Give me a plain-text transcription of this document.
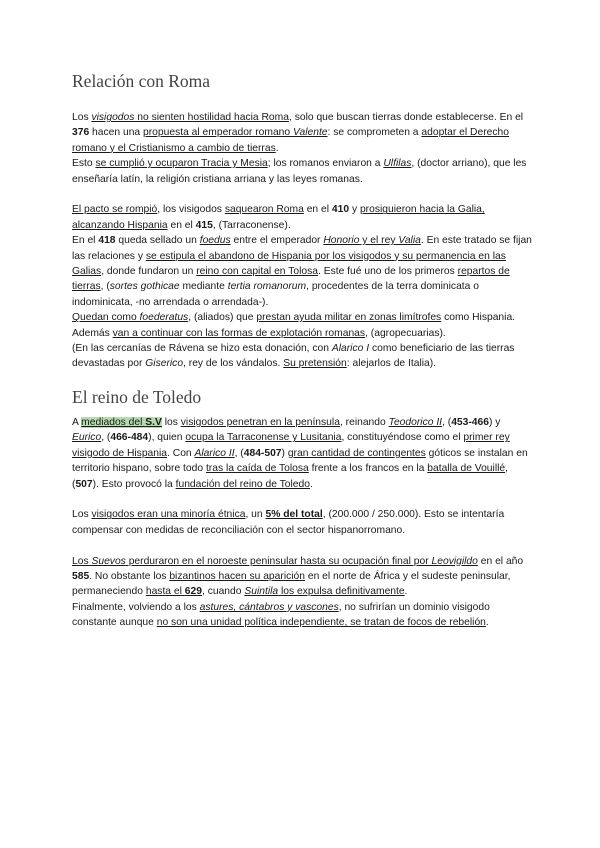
Relación con Roma

Los visigodos no sienten hostilidad hacia Roma, solo que buscan tierras donde establecerse. En el 376 hacen una propuesta al emperador romano Valente: se comprometen a adoptar el Derecho romano y el Cristianismo a cambio de tierras.
Esto se cumplió y ocuparon Tracia y Mesia; los romanos enviaron a Ulfilas, (doctor arriano), que les enseñaría latín, la religión cristiana arriana y las leyes romanas.

El pacto se rompió, los visigodos saquearon Roma en el 410 y prosiguieron hacia la Galia, alcanzando Hispania en el 415, (Tarraconense).
En el 418 queda sellado un foedus entre el emperador Honorio y el rey Valia. En este tratado se fijan las relaciones y se estipula el abandono de Hispania por los visigodos y su permanencia en las Galias, donde fundaron un reino con capital en Tolosa. Este fué uno de los primeros repartos de tierras, (sortes gothicae mediante tertia romanorum, procedentes de la terra dominicata o indominicata, -no arrendada o arrendada-).
Quedan como foederatus, (aliados) que prestan ayuda militar en zonas limítrofes como Hispania. Además van a continuar con las formas de explotación romanas, (agropecuarias).
(En las cercanías de Rávena se hizo esta donación, con Alarico I como beneficiario de las tierras devastadas por Giserico, rey de los vándalos. Su pretensión: alejarlos de Italia).

El reino de Toledo

A mediados del S.V los visigodos penetran en la península, reinando Teodorico II, (453-466) y Eurico, (466-484), quien ocupa la Tarraconense y Lusitania, constituyéndose como el primer rey visigodo de Hispania. Con Alarico II, (484-507) gran cantidad de contingentes góticos se instalan en territorio hispano, sobre todo tras la caída de Tolosa frente a los francos en la batalla de Vouillé, (507). Esto provocó la fundación del reino de Toledo.

Los visigodos eran una minoría étnica, un 5% del total, (200.000 / 250.000). Esto se intentaría compensar con medidas de reconciliación con el sector hispanorromano.

Los Suevos perduraron en el noroeste peninsular hasta su ocupación final por Leovigildo en el año 585. No obstante los bizantinos hacen su aparición en el norte de África y el sudeste peninsular, permaneciendo hasta el 629, cuando Suintila los expulsa definitivamente.
Finalmente, volviendo a los astures, cántabros y vascones, no sufrirían un dominio visigodo constante aunque no son una unidad política independiente, se tratan de focos de rebelión.
